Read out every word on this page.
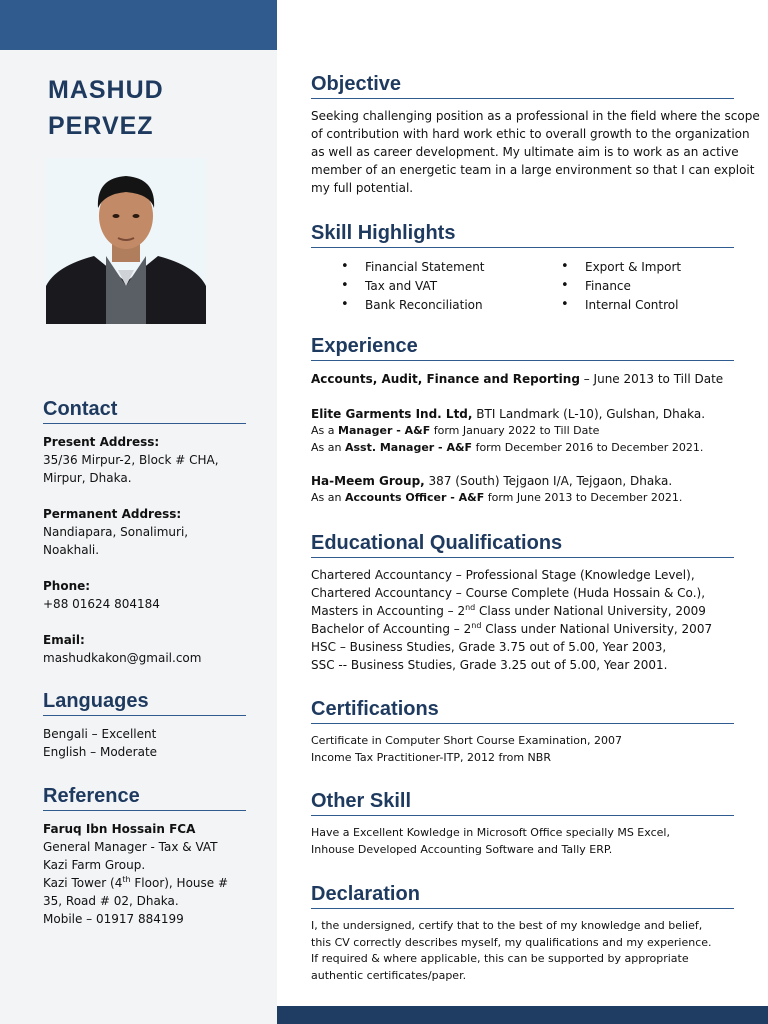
MASHUD
PERVEZ
Contact
Present Address:
35/36 Mirpur-2, Block # CHA,
Mirpur, Dhaka.
Permanent Address:
Nandiapara, Sonalimuri,
Noakhali.
Phone:
+88 01624 804184
Email:
mashudkakon@gmail.com
Languages
Bengali – Excellent
English – Moderate
Reference
Faruq Ibn Hossain FCA
General Manager - Tax & VAT
Kazi Farm Group.
Kazi Tower (4th Floor), House #
35, Road # 02, Dhaka.
Mobile – 01917 884199
Objective
Seeking challenging position as a professional in the field where the scope
of contribution with hard work ethic to overall growth to the organization
as well as career development. My ultimate aim is to work as an active
member of an energetic team in a large environment so that I can exploit
my full potential.
Skill Highlights
• Financial Statement
• Tax and VAT
• Bank Reconciliation
• Export & Import
• Finance
• Internal Control
Experience
Accounts, Audit, Finance and Reporting – June 2013 to Till Date
Elite Garments Ind. Ltd, BTI Landmark (L-10), Gulshan, Dhaka.
As a Manager - A&F form January 2022 to Till Date
As an Asst. Manager - A&F form December 2016 to December 2021.
Ha-Meem Group, 387 (South) Tejgaon I/A, Tejgaon, Dhaka.
As an Accounts Officer - A&F form June 2013 to December 2021.
Educational Qualifications
Chartered Accountancy – Professional Stage (Knowledge Level),
Chartered Accountancy – Course Complete (Huda Hossain & Co.),
Masters in Accounting – 2nd Class under National University, 2009
Bachelor of Accounting – 2nd Class under National University, 2007
HSC – Business Studies, Grade 3.75 out of 5.00, Year 2003,
SSC -- Business Studies, Grade 3.25 out of 5.00, Year 2001.
Certifications
Certificate in Computer Short Course Examination, 2007
Income Tax Practitioner-ITP, 2012 from NBR
Other Skill
Have a Excellent Kowledge in Microsoft Office specially MS Excel,
Inhouse Developed Accounting Software and Tally ERP.
Declaration
I, the undersigned, certify that to the best of my knowledge and belief,
this CV correctly describes myself, my qualifications and my experience.
If required & where applicable, this can be supported by appropriate
authentic certificates/paper.
